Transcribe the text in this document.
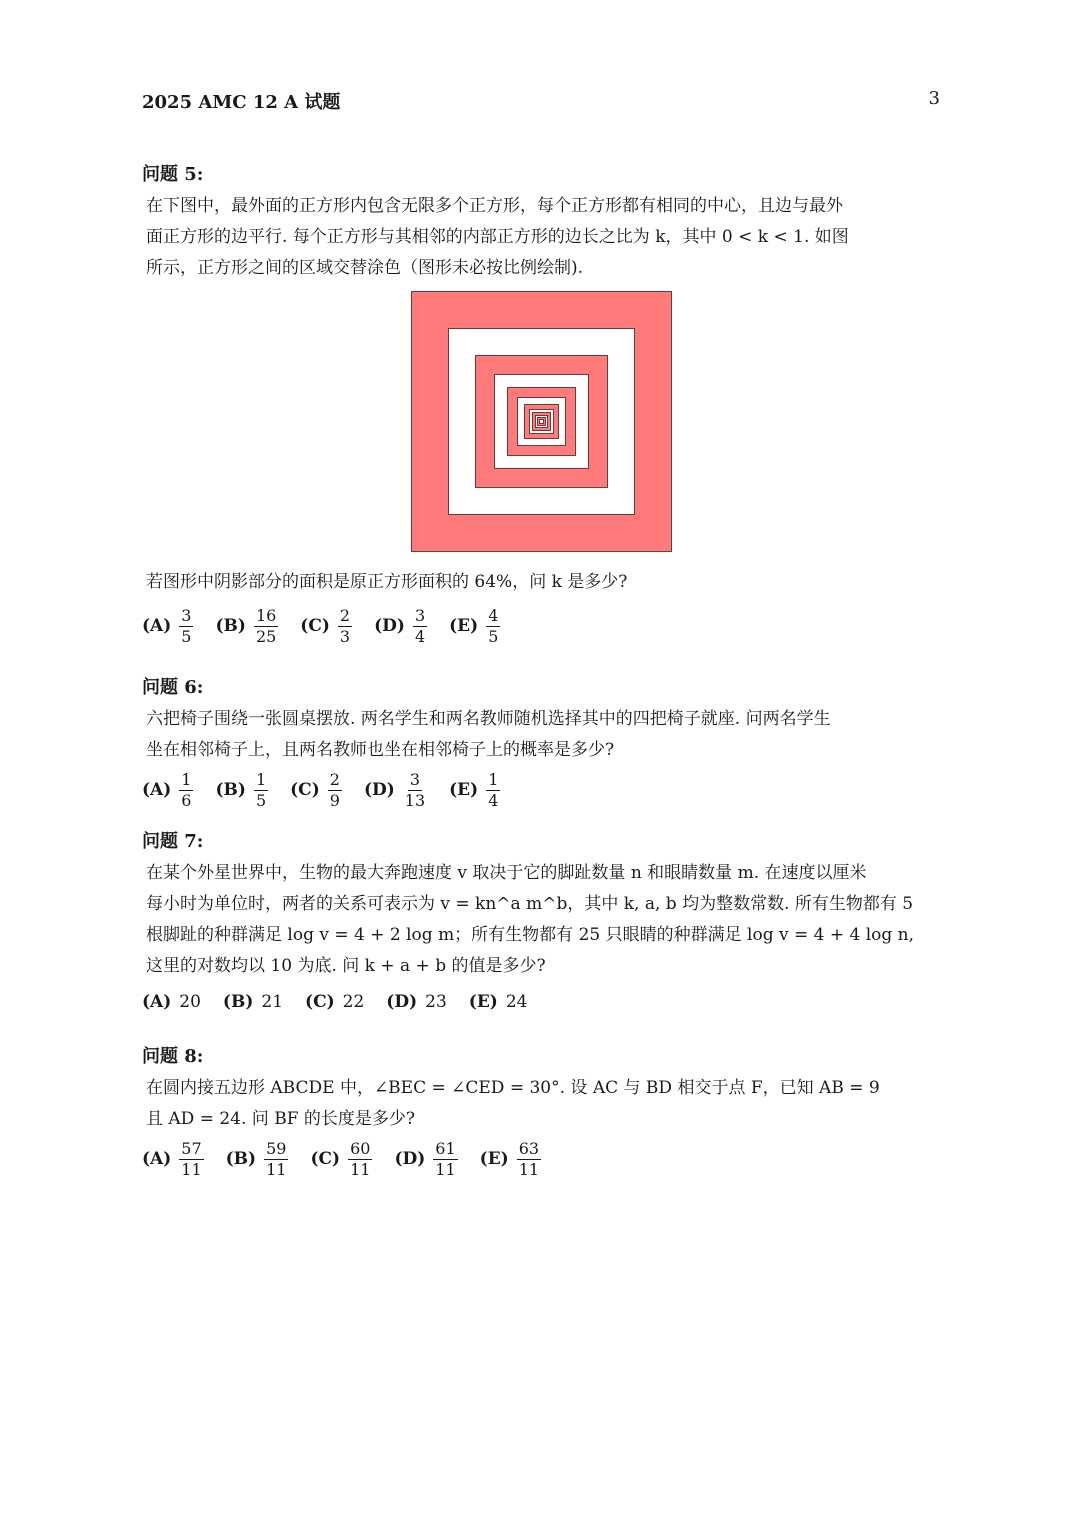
2025 AMC 12 A 试题	3
问题 5:

在下图中，最外面的正方形内包含无限多个正方形，每个正方形都有相同的中心，且边与最外

面正方形的边平行. 每个正方形与其相邻的内部正方形的边长之比为 k，其中 0 < k < 1. 如图

所示，正方形之间的区域交替涂色（图形未必按比例绘制).

若图形中阴影部分的面积是原正方形面积的 64%，问 k 是多少?

$(A) \frac{3}{5} (B) \frac{16}{25} (C) \frac{2}{3} (D) \frac{3}{4} (E) \frac{4}{5}$
问题 6:

六把椅子围绕一张圆桌摆放. 两名学生和两名教师随机选择其中的四把椅子就座. 问两名学生

坐在相邻椅子上，且两名教师也坐在相邻椅子上的概率是多少?

$(A) \frac{1}{6} (B) \frac{1}{5} (C) \frac{2}{9} (D) \frac{3}{13} (E) \frac{1}{4}$
问题 7:

在某个外星世界中，生物的最大奔跑速度 v 取决于它的脚趾数量 n 和眼睛数量 m. 在速度以厘米

每小时为单位时，两者的关系可表示为 v = kn^a m^b，其中 k, a, b 均为整数常数. 所有生物都有 5

根脚趾的种群满足 log v = 4 + 2 log m；所有生物都有 25 只眼睛的种群满足 log v = 4 + 4 log n,

这里的对数均以 10 为底. 问 k + a + b 的值是多少?

(A) 20 (B) 21 (C) 22 (D) 23 (E) 24
问题 8:

在圆内接五边形 ABCDE 中，∠BEC = ∠CED = 30°. 设 AC 与 BD 相交于点 F，已知 AB = 9

且 AD = 24. 问 BF 的长度是多少?

$(A) \frac{57}{11} (B) \frac{59}{11} (C) \frac{60}{11} (D) \frac{61}{11} (E) \frac{63}{11}$
